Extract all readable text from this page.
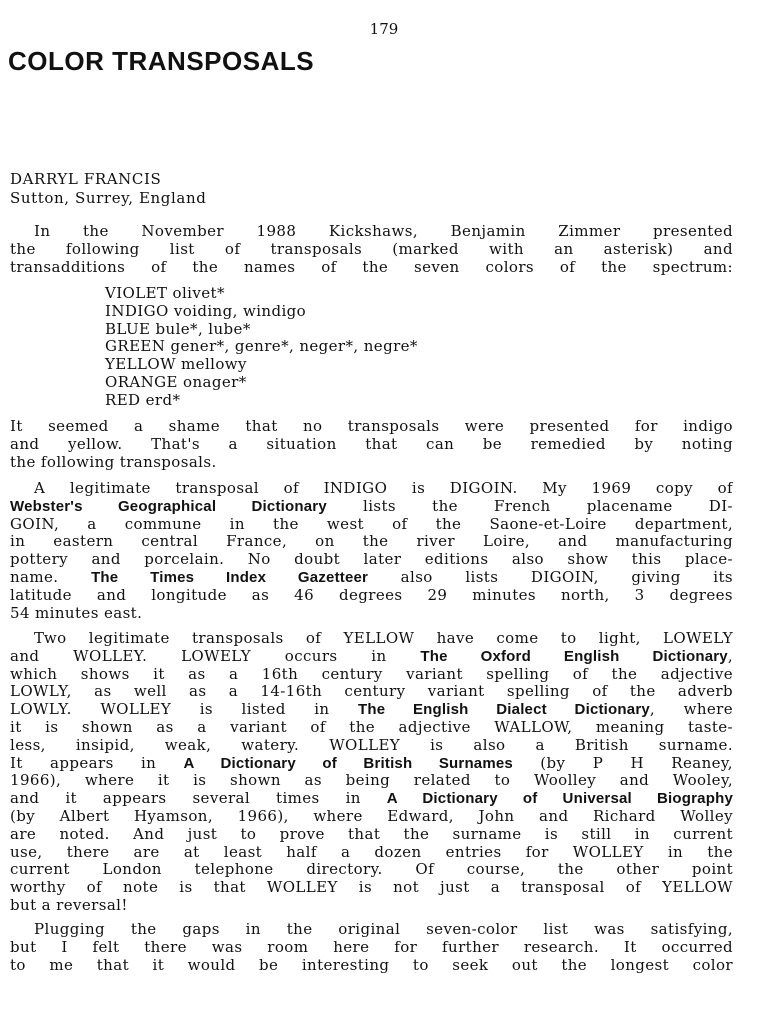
179
COLOR TRANSPOSALS
DARRYL FRANCIS
Sutton, Surrey, England
In the November 1988 Kickshaws, Benjamin Zimmer presented
the following list of transposals (marked with an asterisk) and
transadditions of the names of the seven colors of the spectrum:
VIOLET olivet*
INDIGO voiding, windigo
BLUE bule*, lube*
GREEN gener*, genre*, neger*, negre*
YELLOW mellowy
ORANGE onager*
RED erd*
It seemed a shame that no transposals were presented for indigo
and yellow. That's a situation that can be remedied by noting
the following transposals.
A legitimate transposal of INDIGO is DIGOIN. My 1969 copy of
Webster's Geographical Dictionary lists the French placename DI-
GOIN, a commune in the west of the Saone-et-Loire department,
in eastern central France, on the river Loire, and manufacturing
pottery and porcelain. No doubt later editions also show this place-
name. The Times Index Gazetteer also lists DIGOIN, giving its
latitude and longitude as 46 degrees 29 minutes north, 3 degrees
54 minutes east.
Two legitimate transposals of YELLOW have come to light, LOWELY
and WOLLEY. LOWELY occurs in The Oxford English Dictionary,
which shows it as a 16th century variant spelling of the adjective
LOWLY, as well as a 14-16th century variant spelling of the adverb
LOWLY. WOLLEY is listed in The English Dialect Dictionary, where
it is shown as a variant of the adjective WALLOW, meaning taste-
less, insipid, weak, watery. WOLLEY is also a British surname.
It appears in A Dictionary of British Surnames (by P H Reaney,
1966), where it is shown as being related to Woolley and Wooley,
and it appears several times in A Dictionary of Universal Biography
(by Albert Hyamson, 1966), where Edward, John and Richard Wolley
are noted. And just to prove that the surname is still in current
use, there are at least half a dozen entries for WOLLEY in the
current London telephone directory. Of course, the other point
worthy of note is that WOLLEY is not just a transposal of YELLOW
but a reversal!
Plugging the gaps in the original seven-color list was satisfying,
but I felt there was room here for further research. It occurred
to me that it would be interesting to seek out the longest color
